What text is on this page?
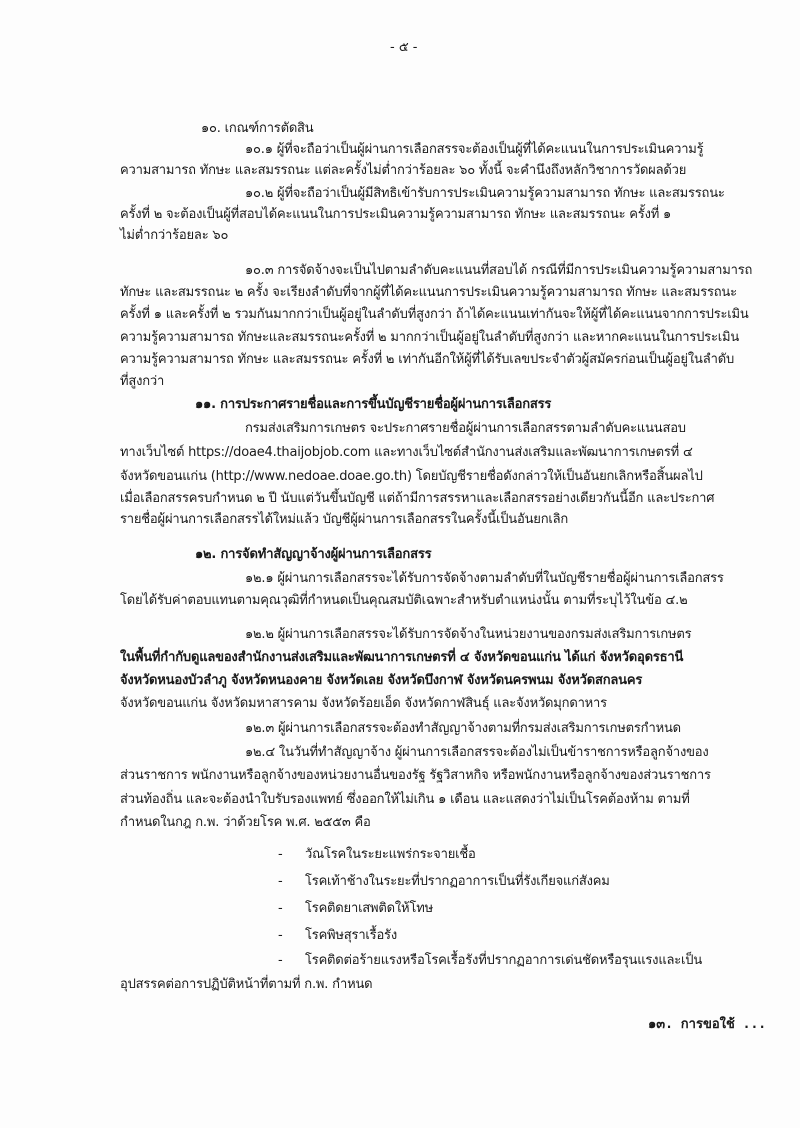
- ๕ -
๑๐. เกณฑ์การตัดสิน
๑๐.๑ ผู้ที่จะถือว่าเป็นผู้ผ่านการเลือกสรรจะต้องเป็นผู้ที่ได้คะแนนในการประเมินความรู้
ความสามารถ ทักษะ และสมรรถนะ แต่ละครั้งไม่ต่ำกว่าร้อยละ ๖๐ ทั้งนี้ จะคำนึงถึงหลักวิชาการวัดผลด้วย
๑๐.๒ ผู้ที่จะถือว่าเป็นผู้มีสิทธิเข้ารับการประเมินความรู้ความสามารถ ทักษะ และสมรรถนะ
ครั้งที่ ๒ จะต้องเป็นผู้ที่สอบได้คะแนนในการประเมินความรู้ความสามารถ ทักษะ และสมรรถนะ ครั้งที่ ๑
ไม่ต่ำกว่าร้อยละ ๖๐
๑๐.๓ การจัดจ้างจะเป็นไปตามลำดับคะแนนที่สอบได้ กรณีที่มีการประเมินความรู้ความสามารถ
ทักษะ และสมรรถนะ ๒ ครั้ง จะเรียงลำดับที่จากผู้ที่ได้คะแนนการประเมินความรู้ความสามารถ ทักษะ และสมรรถนะ
ครั้งที่ ๑ และครั้งที่ ๒ รวมกันมากกว่าเป็นผู้อยู่ในลำดับที่สูงกว่า ถ้าได้คะแนนเท่ากันจะให้ผู้ที่ได้คะแนนจากการประเมิน
ความรู้ความสามารถ ทักษะและสมรรถนะครั้งที่ ๒ มากกว่าเป็นผู้อยู่ในลำดับที่สูงกว่า และหากคะแนนในการประเมิน
ความรู้ความสามารถ ทักษะ และสมรรถนะ ครั้งที่ ๒ เท่ากันอีกให้ผู้ที่ได้รับเลขประจำตัวผู้สมัครก่อนเป็นผู้อยู่ในลำดับ
ที่สูงกว่า
๑๑. การประกาศรายชื่อและการขึ้นบัญชีรายชื่อผู้ผ่านการเลือกสรร
กรมส่งเสริมการเกษตร จะประกาศรายชื่อผู้ผ่านการเลือกสรรตามลำดับคะแนนสอบ
ทางเว็บไซต์ https://doae4.thaijobjob.com และทางเว็บไซต์สำนักงานส่งเสริมและพัฒนาการเกษตรที่ ๔
จังหวัดขอนแก่น (http://www.nedoae.doae.go.th) โดยบัญชีรายชื่อดังกล่าวให้เป็นอันยกเลิกหรือสิ้นผลไป
เมื่อเลือกสรรครบกำหนด ๒ ปี นับแต่วันขึ้นบัญชี แต่ถ้ามีการสรรหาและเลือกสรรอย่างเดียวกันนี้อีก และประกาศ
รายชื่อผู้ผ่านการเลือกสรรได้ใหม่แล้ว บัญชีผู้ผ่านการเลือกสรรในครั้งนี้เป็นอันยกเลิก
๑๒. การจัดทำสัญญาจ้างผู้ผ่านการเลือกสรร
๑๒.๑ ผู้ผ่านการเลือกสรรจะได้รับการจัดจ้างตามลำดับที่ในบัญชีรายชื่อผู้ผ่านการเลือกสรร
โดยได้รับค่าตอบแทนตามคุณวุฒิที่กำหนดเป็นคุณสมบัติเฉพาะสำหรับตำแหน่งนั้น ตามที่ระบุไว้ในข้อ ๔.๒
๑๒.๒ ผู้ผ่านการเลือกสรรจะได้รับการจัดจ้างในหน่วยงานของกรมส่งเสริมการเกษตร
ในพื้นที่กำกับดูแลของสำนักงานส่งเสริมและพัฒนาการเกษตรที่ ๔ จังหวัดขอนแก่น ได้แก่ จังหวัดอุดรธานี
จังหวัดหนองบัวลำภู จังหวัดหนองคาย จังหวัดเลย จังหวัดบึงกาฬ จังหวัดนครพนม จังหวัดสกลนคร
จังหวัดขอนแก่น จังหวัดมหาสารคาม จังหวัดร้อยเอ็ด จังหวัดกาฬสินธุ์ และจังหวัดมุกดาหาร
๑๒.๓ ผู้ผ่านการเลือกสรรจะต้องทำสัญญาจ้างตามที่กรมส่งเสริมการเกษตรกำหนด
๑๒.๔ ในวันที่ทำสัญญาจ้าง ผู้ผ่านการเลือกสรรจะต้องไม่เป็นข้าราชการหรือลูกจ้างของ
ส่วนราชการ พนักงานหรือลูกจ้างของหน่วยงานอื่นของรัฐ รัฐวิสาหกิจ หรือพนักงานหรือลูกจ้างของส่วนราชการ
ส่วนท้องถิ่น และจะต้องนำใบรับรองแพทย์ ซึ่งออกให้ไม่เกิน ๑ เดือน และแสดงว่าไม่เป็นโรคต้องห้าม ตามที่
กำหนดในกฎ ก.พ. ว่าด้วยโรค พ.ศ. ๒๕๕๓ คือ
- วัณโรคในระยะแพร่กระจายเชื้อ
- โรคเท้าช้างในระยะที่ปรากฏอาการเป็นที่รังเกียจแก่สังคม
- โรคติดยาเสพติดให้โทษ
- โรคพิษสุราเรื้อรัง
- โรคติดต่อร้ายแรงหรือโรคเรื้อรังที่ปรากฏอาการเด่นชัดหรือรุนแรงและเป็น
อุปสรรคต่อการปฏิบัติหน้าที่ตามที่ ก.พ. กำหนด
๑๓. การขอใช้ ...
